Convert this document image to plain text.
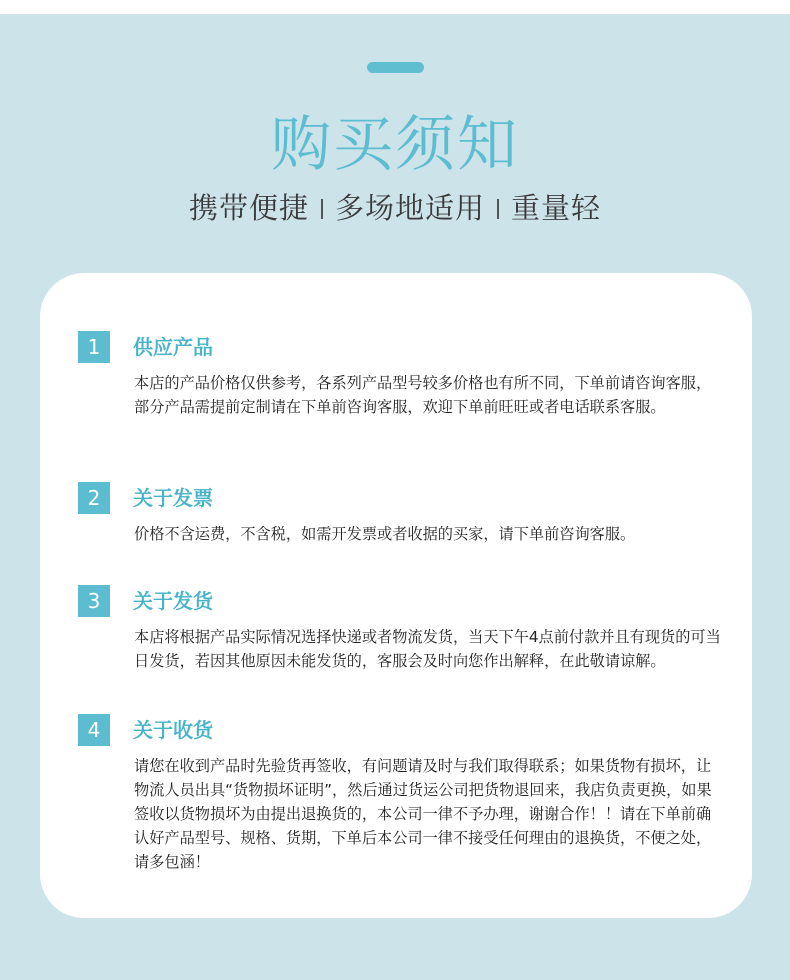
购买须知
携带便捷 多场地适用 重量轻
1	供应产品
本店的产品价格仅供参考，各系列产品型号较多价格也有所不同，下单前请咨询客服，部分产品需提前定制请在下单前咨询客服，欢迎下单前旺旺或者电话联系客服。
2	关于发票
价格不含运费，不含税，如需开发票或者收据的买家，请下单前咨询客服。
3	关于发货
本店将根据产品实际情况选择快递或者物流发货，当天下午4点前付款并且有现货的可当日发货，若因其他原因未能发货的，客服会及时向您作出解释，在此敬请谅解。
4	关于收货
请您在收到产品时先验货再签收，有问题请及时与我们取得联系；如果货物有损坏，让物流人员出具“货物损坏证明”，然后通过货运公司把货物退回来，我店负责更换，如果签收以货物损坏为由提出退换货的，本公司一律不予办理，谢谢合作！！请在下单前确认好产品型号、规格、货期，下单后本公司一律不接受任何理由的退换货，不便之处，请多包涵！
